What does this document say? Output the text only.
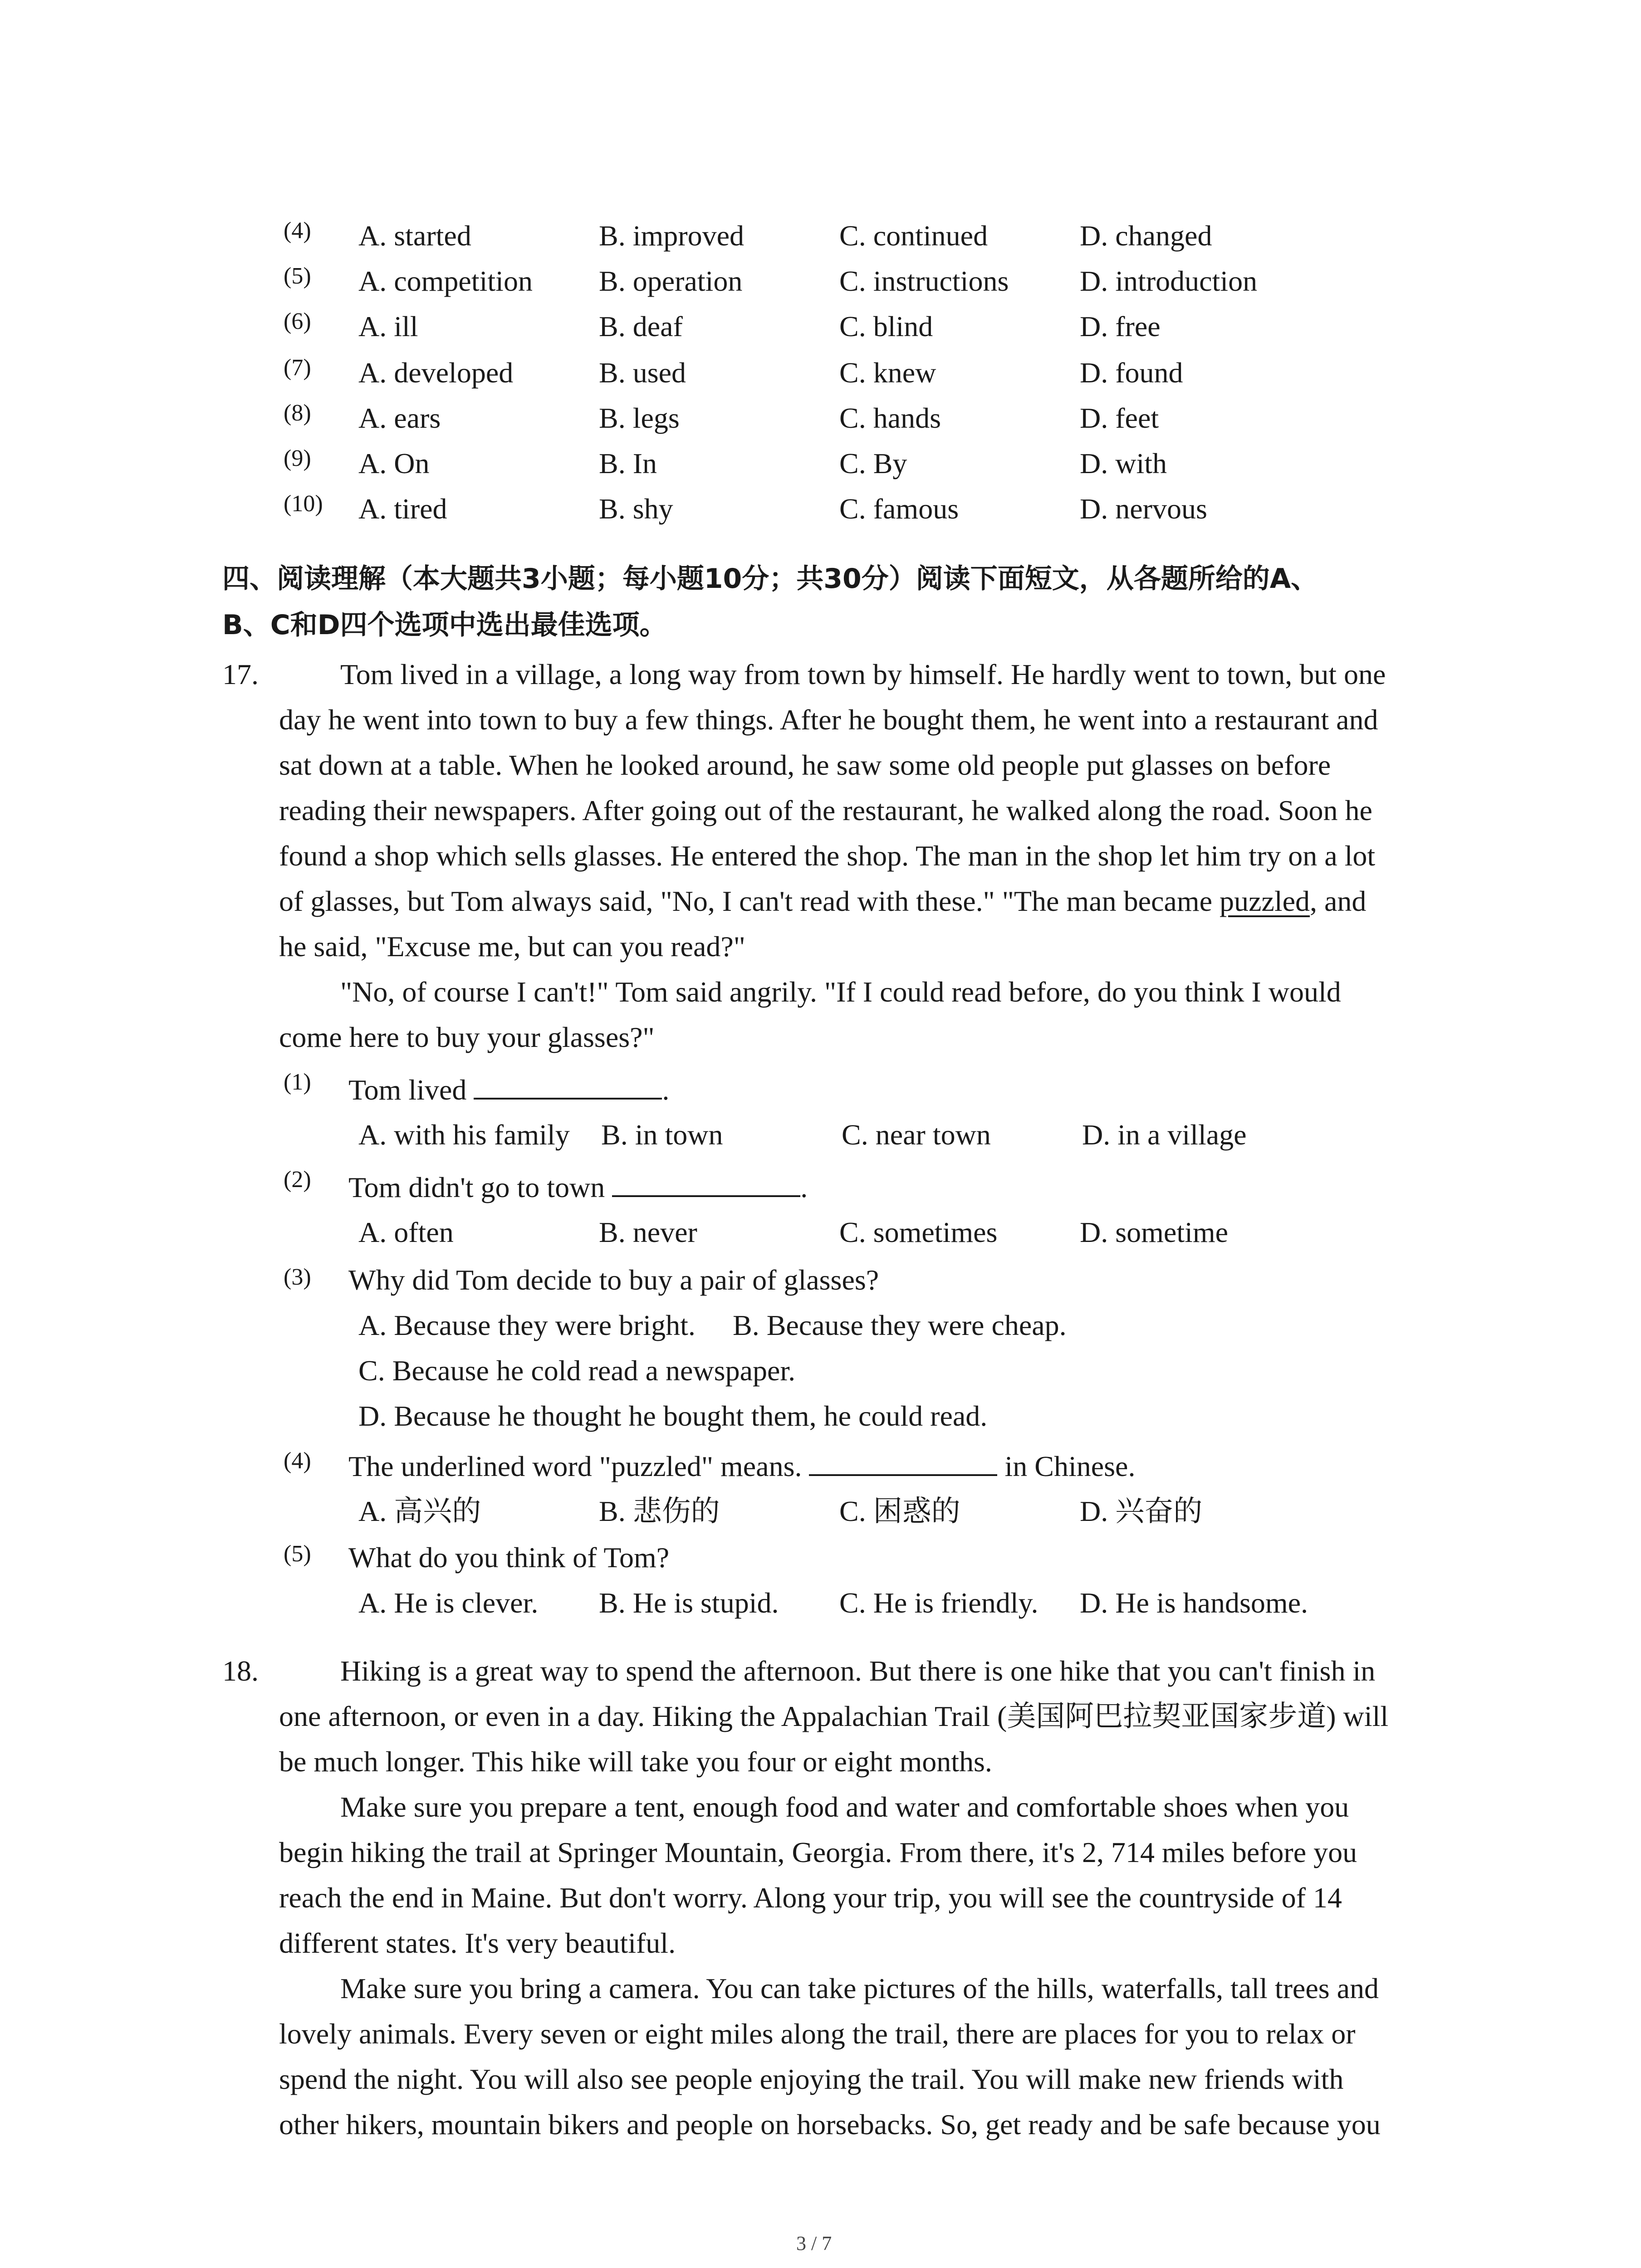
(4) A. started	B. improved	C. continued	D. changed
(5) A. competition B. operation	C. instructions D. introduction
(6) A. ill	B. deaf	C. blind	D. free
(7) A. developed	B. used	C. knew	D. found
(8) A. ears	B. legs	C. hands	D. feet
(9) A. On	B. In	C. By	D. with
(10) A. tired	B. shy	C. famous	D. nervous
四、阅读理解（本大题共3小题；每小题10分；共30分）阅读下面短文，从各题所给的A、
B、C和D四个选项中选出最佳选项。
17.	Tom lived in a village, a long way from town by himself. He hardly went to town, but one
day he went into town to buy a few things. After he bought them, he went into a restaurant and
sat down at a table. When he looked around, he saw some old people put glasses on before
reading their newspapers. After going out of the restaurant, he walked along the road. Soon he
found a shop which sells glasses. He entered the shop. The man in the shop let him try on a lot
of glasses, but Tom always said, "No, I can't read with these." "The man became puzzled, and
he said, "Excuse me, but can you read?"
"No, of course I can't!" Tom said angrily. "If I could read before, do you think I would
come here to buy your glasses?"
(1) Tom lived	.
A. with his family B. in town	C. near town	D. in a village
(2) Tom didn't go to town	.
A. often	B. never	C. sometimes	D. sometime
(3) Why did Tom decide to buy a pair of glasses?
A. Because they were bright. B. Because they were cheap.
C. Because he cold read a newspaper.
D. Because he thought he bought them, he could read.
(4) The underlined word "puzzled" means.	in Chinese.
A. 高兴的	B. 悲伤的	C. 困惑的	D. 兴奋的
(5) What do you think of Tom?
A. He is clever. B. He is stupid. C. He is friendly. D. He is handsome.
18.	Hiking is a great way to spend the afternoon. But there is one hike that you can't finish in
one afternoon, or even in a day. Hiking the Appalachian Trail (美国阿巴拉契亚国家步道) will
be much longer. This hike will take you four or eight months.
Make sure you prepare a tent, enough food and water and comfortable shoes when you
begin hiking the trail at Springer Mountain, Georgia. From there, it's 2, 714 miles before you
reach the end in Maine. But don't worry. Along your trip, you will see the countryside of 14
different states. It's very beautiful.
Make sure you bring a camera. You can take pictures of the hills, waterfalls, tall trees and
lovely animals. Every seven or eight miles along the trail, there are places for you to relax or
spend the night. You will also see people enjoying the trail. You will make new friends with
other hikers, mountain bikers and people on horsebacks. So, get ready and be safe because you
3 / 7
